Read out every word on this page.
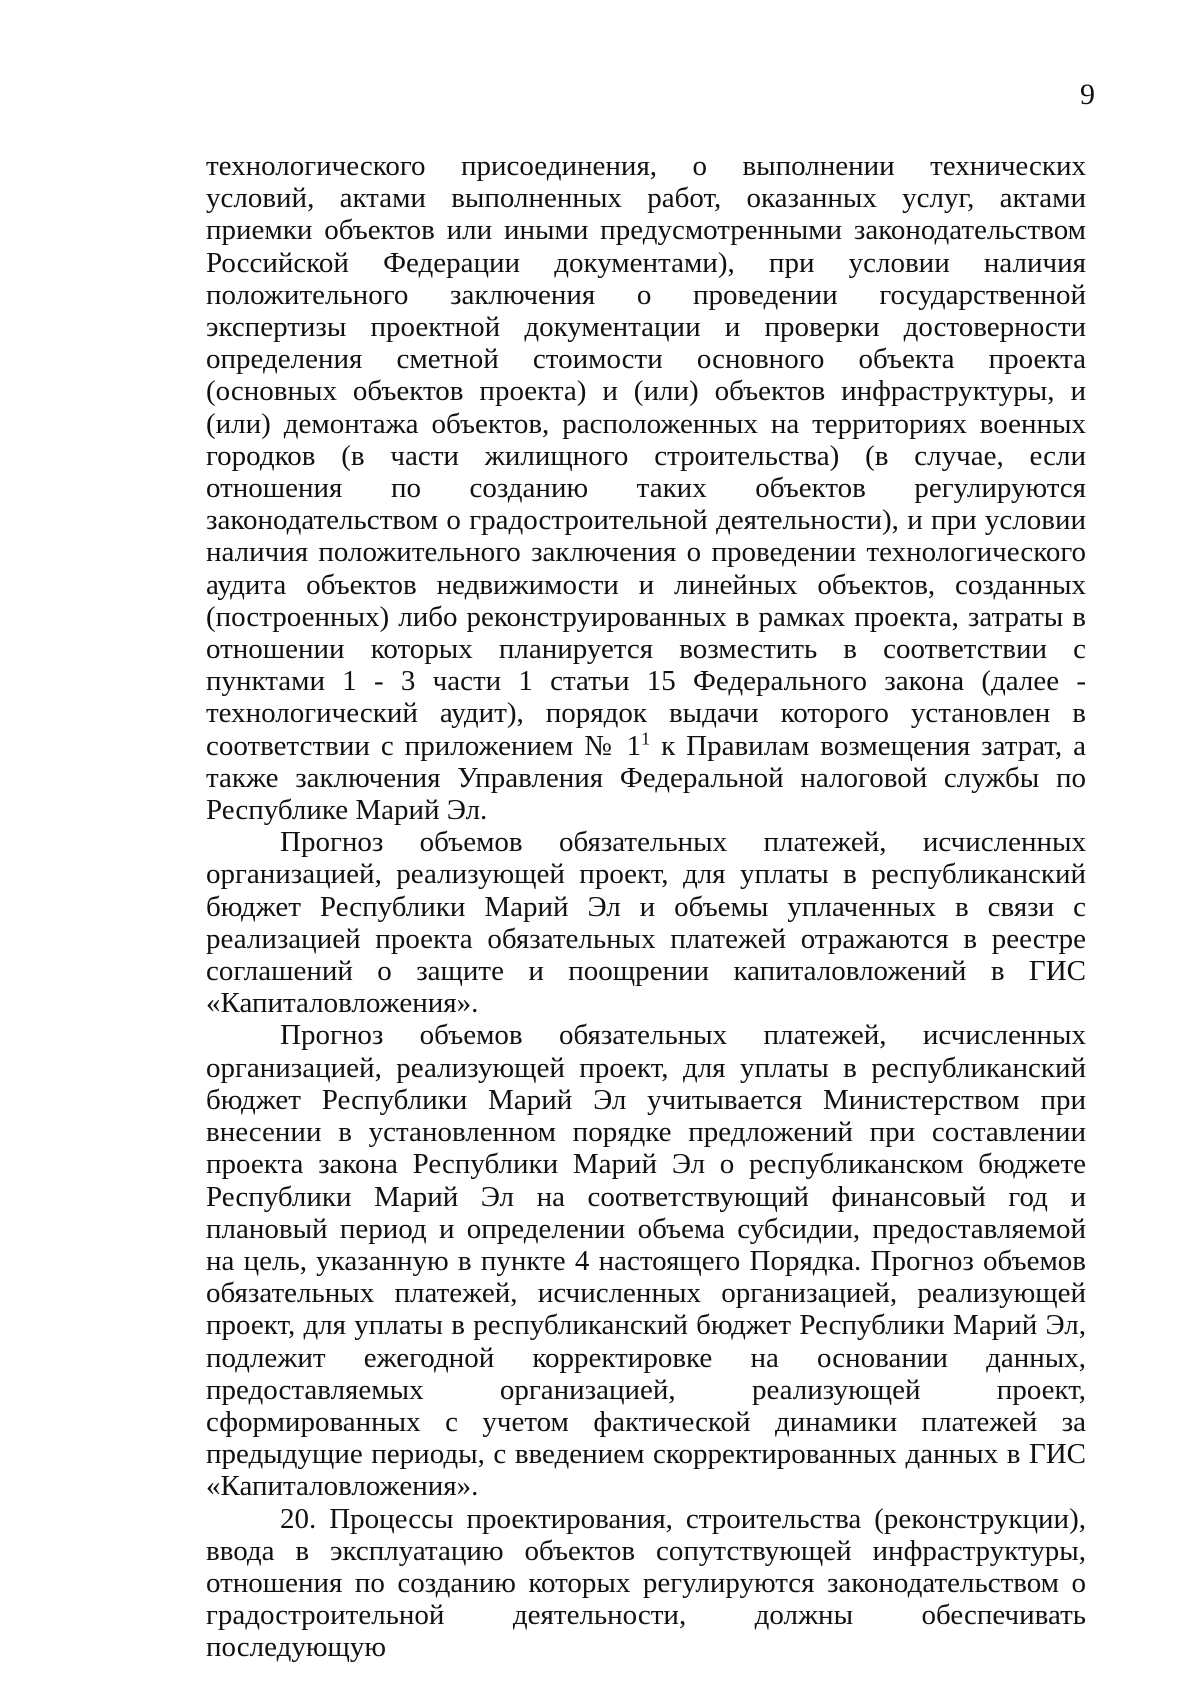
9

технологического присоединения, о выполнении технических условий, актами выполненных работ, оказанных услуг, актами приемки объектов или иными предусмотренными законодательством Российской Федерации документами), при условии наличия положительного заключения о проведении государственной экспертизы проектной документации и проверки достоверности определения сметной стоимости основного объекта проекта (основных объектов проекта) и (или) объектов инфраструктуры, и (или) демонтажа объектов, расположенных на территориях военных городков (в части жилищного строительства) (в случае, если отношения по созданию таких объектов регулируются законодательством о градостроительной деятельности), и при условии наличия положительного заключения о проведении технологического аудита объектов недвижимости и линейных объектов, созданных (построенных) либо реконструированных в рамках проекта, затраты в отношении которых планируется возместить в соответствии с пунктами 1 - 3 части 1 статьи 15 Федерального закона (далее - технологический аудит), порядок выдачи которого установлен в соответствии с приложением № $1^1$ к Правилам возмещения затрат, а также заключения Управления Федеральной налоговой службы по Республике Марий Эл.

Прогноз объемов обязательных платежей, исчисленных организацией, реализующей проект, для уплаты в республиканский бюджет Республики Марий Эл и объемы уплаченных в связи с реализацией проекта обязательных платежей отражаются в реестре соглашений о защите и поощрении капиталовложений в ГИС «Капиталовложения».

Прогноз объемов обязательных платежей, исчисленных организацией, реализующей проект, для уплаты в республиканский бюджет Республики Марий Эл учитывается Министерством при внесении в установленном порядке предложений при составлении проекта закона Республики Марий Эл о республиканском бюджете Республики Марий Эл на соответствующий финансовый год и плановый период и определении объема субсидии, предоставляемой на цель, указанную в пункте 4 настоящего Порядка. Прогноз объемов обязательных платежей, исчисленных организацией, реализующей проект, для уплаты в республиканский бюджет Республики Марий Эл, подлежит ежегодной корректировке на основании данных, предоставляемых организацией, реализующей проект, сформированных с учетом фактической динамики платежей за предыдущие периоды, с введением скорректированных данных в ГИС «Капиталовложения».

20. Процессы проектирования, строительства (реконструкции), ввода в эксплуатацию объектов сопутствующей инфраструктуры, отношения по созданию которых регулируются законодательством о градостроительной деятельности, должны обеспечивать последующую
